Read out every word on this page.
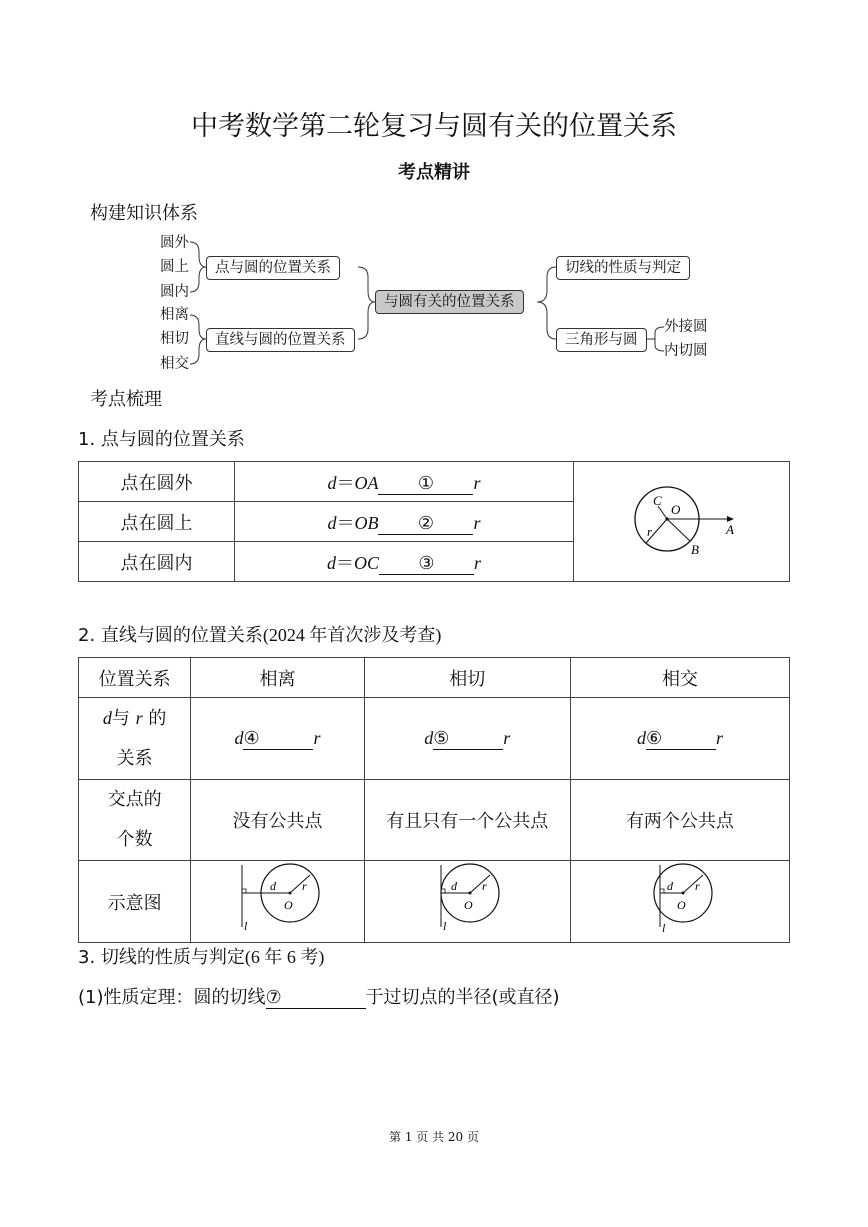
中考数学第二轮复习与圆有关的位置关系
考点精讲
构建知识体系
圆外
圆上
圆内
相离
相切
相交
点与圆的位置关系
直线与圆的位置关系
与圆有关的位置关系
切线的性质与判定
三角形与圆
外接圆
内切圆
考点梳理
1. 点与圆的位置关系
点在圆外	d＝OA ① r	C
O
A
B
r

点在圆上	d＝OB ② r	
点在圆内	d＝OC ③ r	
2. 直线与圆的位置关系(2024 年首次涉及考查)
位置关系	相离	相切	相交
d与 r 的
关系	d④ r	d⑤ r	d⑥ r
交点的
个数	没有公共点	有且只有一个公共点	有两个公共点
示意图	d r
O
l	d r
O
l	d r
O
l
3. 切线的性质与判定(6 年 6 考)
(1)性质定理：圆的切线⑦	于过切点的半径(或直径)
第 1 页 共 20 页
